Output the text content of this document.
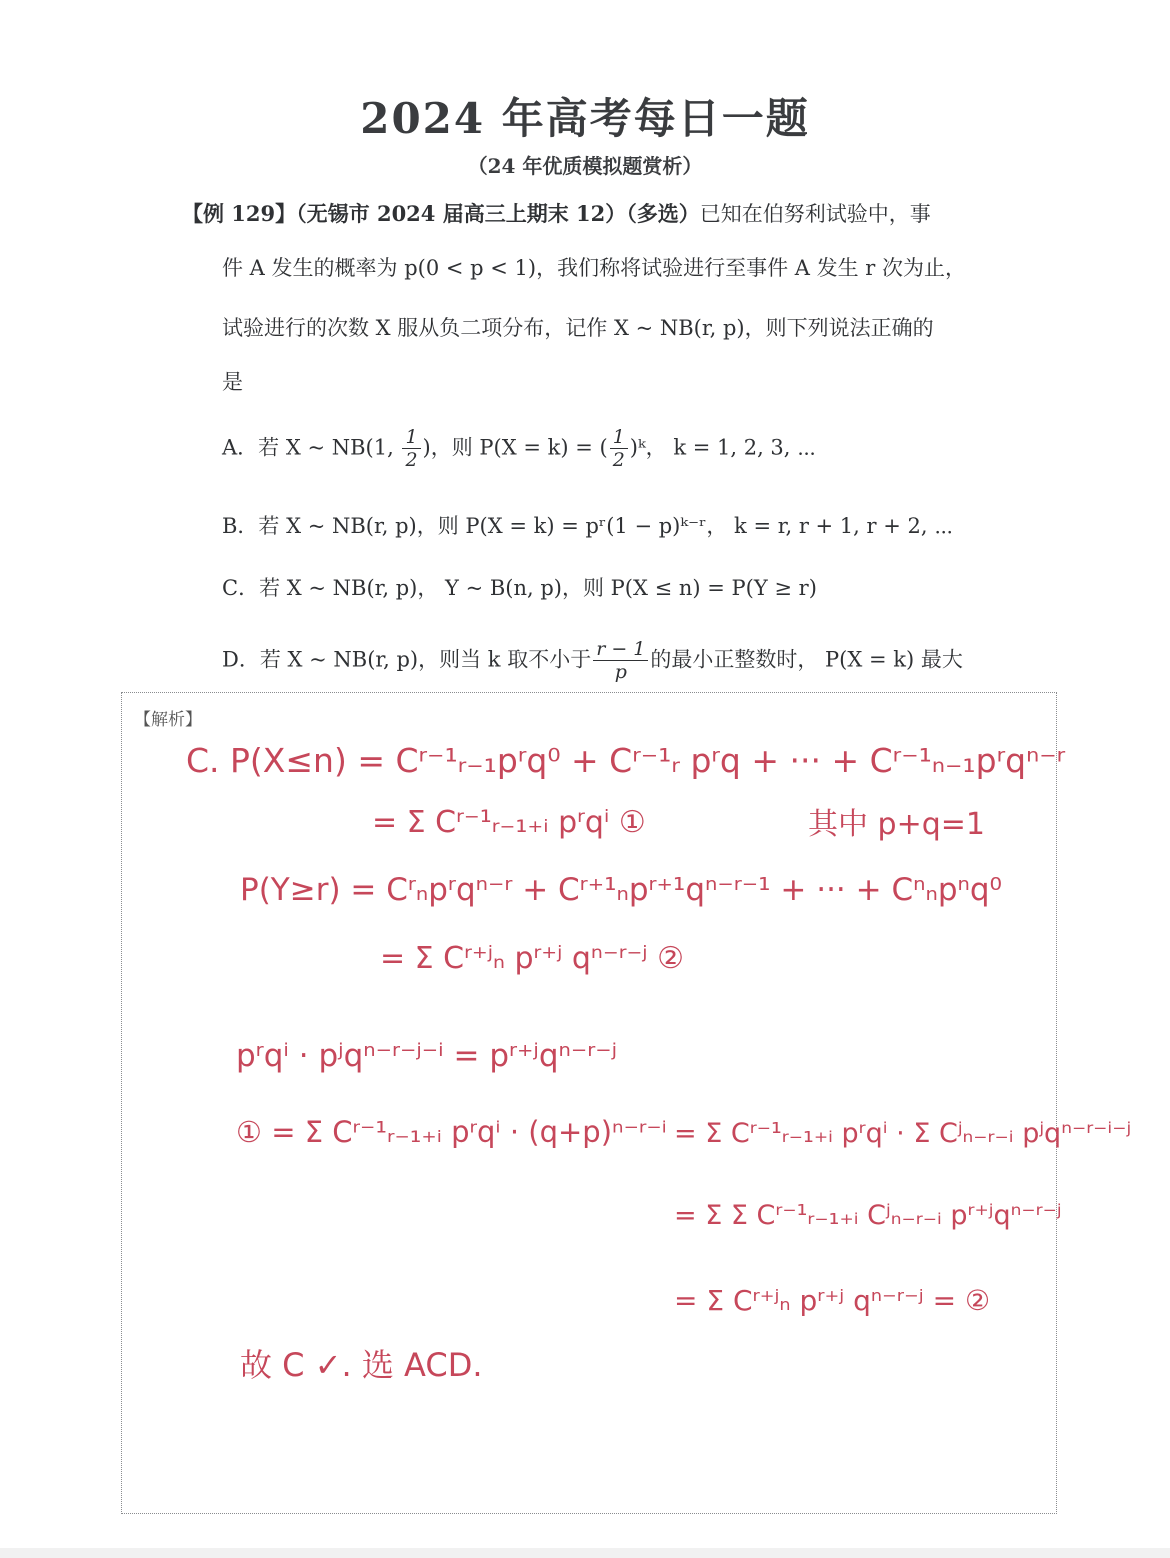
2024 年高考每日一题
（24 年优质模拟题赏析）
【例 129】（无锡市 2024 届高三上期末 12）（多选）已知在伯努利试验中，事
件 A 发生的概率为 p(0 < p < 1)，我们称将试验进行至事件 A 发生 r 次为止，
试验进行的次数 X 服从负二项分布，记作 X ~ NB(r, p)，则下列说法正确的
是
A．若 X ~ NB(1, $\frac{1}{2}$ )，则 P(X = k) = ( $\frac{1}{2}$ )ᵏ， k = 1, 2, 3, ⋯
B．若 X ~ NB(r, p)，则 P(X = k) = pʳ(1 − p)ᵏ⁻ʳ， k = r, r + 1, r + 2, ⋯
C．若 X ~ NB(r, p)， Y ~ B(n, p)，则 P(X ≤ n) = P(Y ≥ r)
D．若 X ~ NB(r, p)，则当 k 取不小于 $\frac{r - 1}{p}$ 的最小正整数时， P(X = k) 最大
【解析】
C. P(X≤n) = Cʳ⁻¹ᵣ₋₁pʳq⁰ + Cʳ⁻¹ᵣ pʳq + ··· + Cʳ⁻¹ₙ₋₁pʳqⁿ⁻ʳ
= Σ Cʳ⁻¹ᵣ₋₁₊ᵢ pʳqⁱ ①	其中 p+q=1
P(Y≥r) = Cʳₙpʳqⁿ⁻ʳ + Cʳ⁺¹ₙpʳ⁺¹qⁿ⁻ʳ⁻¹ + ··· + Cⁿₙpⁿq⁰
= Σ Cʳ⁺ʲₙ pʳ⁺ʲ qⁿ⁻ʳ⁻ʲ ②
pʳqⁱ · pʲqⁿ⁻ʳ⁻ʲ⁻ⁱ = pʳ⁺ʲqⁿ⁻ʳ⁻ʲ
① = Σ Cʳ⁻¹ᵣ₋₁₊ᵢ pʳqⁱ · (q+p)ⁿ⁻ʳ⁻ⁱ = Σ Cʳ⁻¹ᵣ₋₁₊ᵢ pʳqⁱ · Σ Cʲₙ₋ᵣ₋ᵢ pʲqⁿ⁻ʳ⁻ⁱ⁻ʲ
= Σ Σ Cʳ⁻¹ᵣ₋₁₊ᵢ Cʲₙ₋ᵣ₋ᵢ pʳ⁺ʲqⁿ⁻ʳ⁻ʲ
= Σ Cʳ⁺ʲₙ pʳ⁺ʲ qⁿ⁻ʳ⁻ʲ = ②
故 C ✓. 选 ACD.
